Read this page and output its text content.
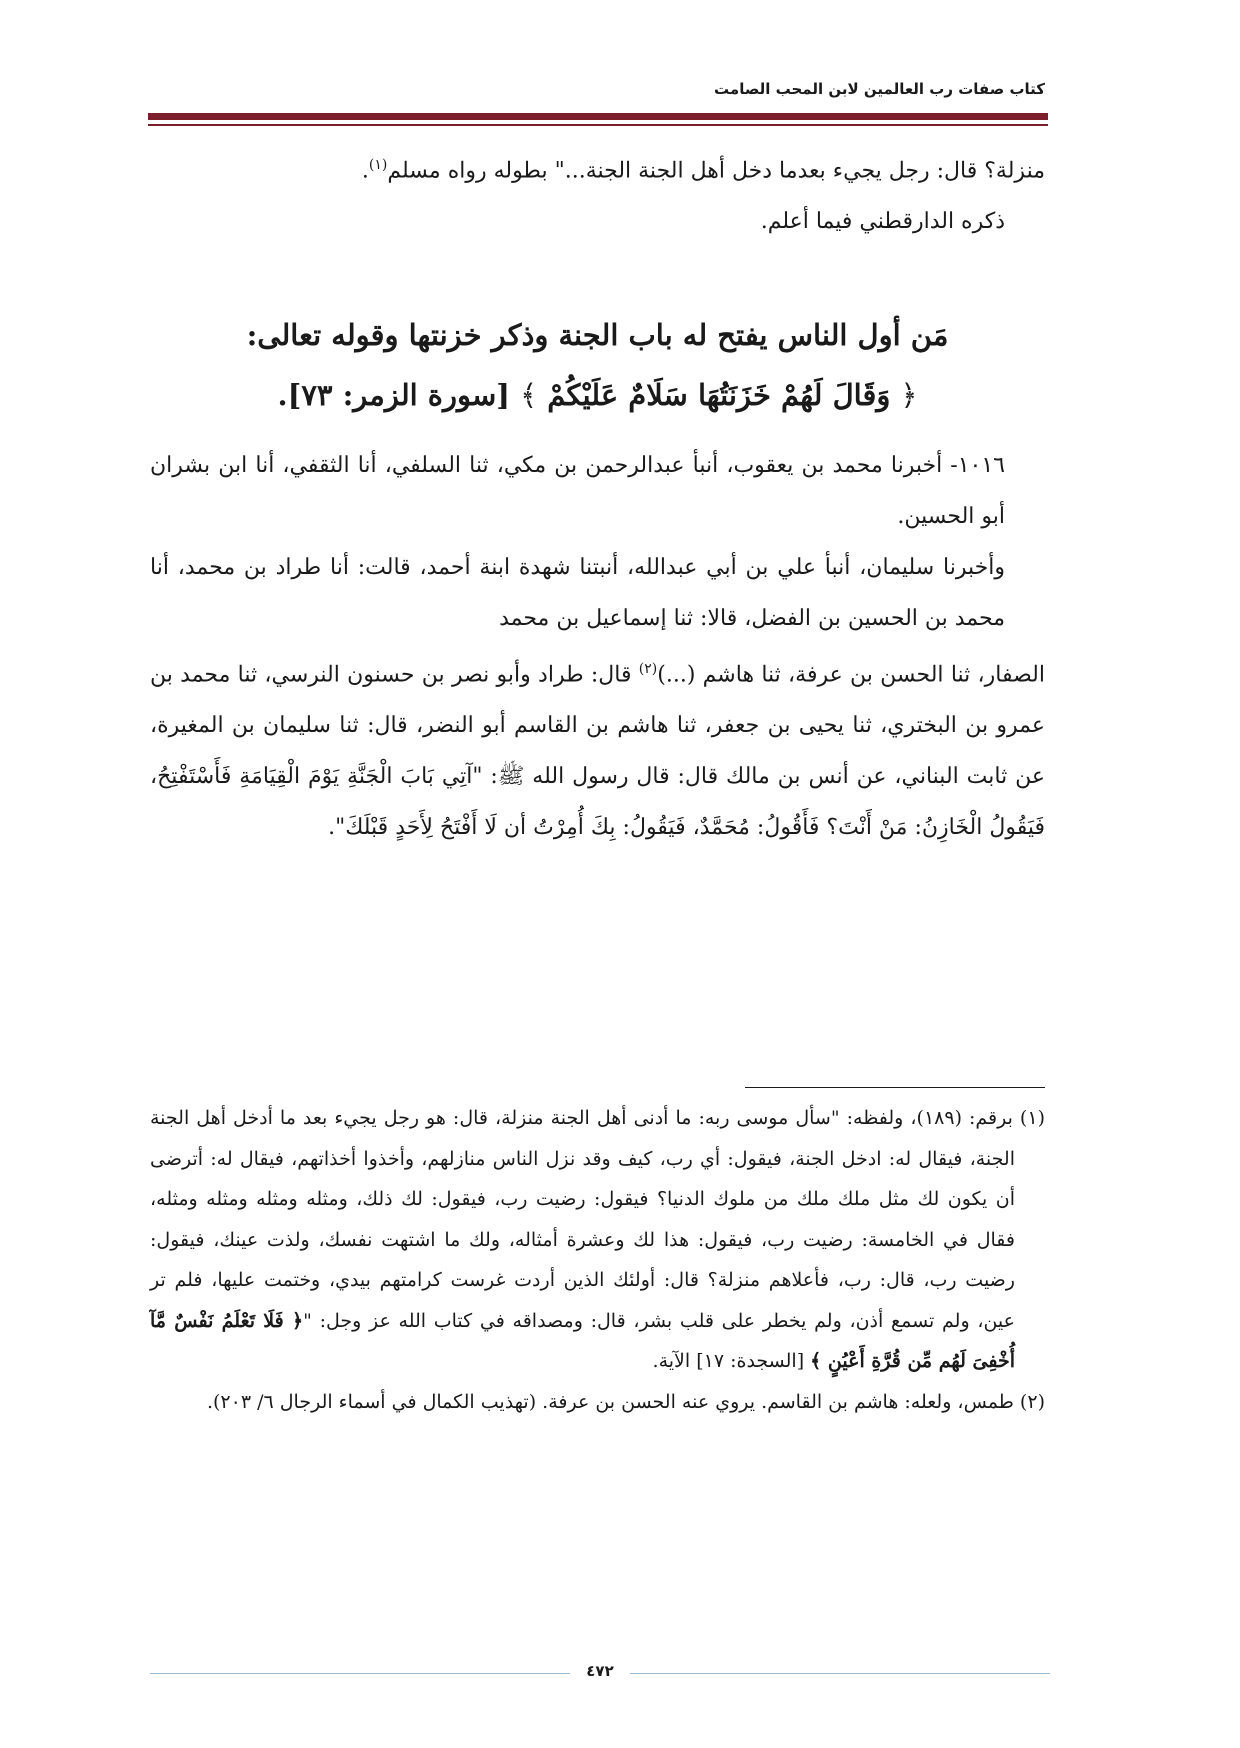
كتاب صفات رب العالمين لابن المحب الصامت

منزلة؟ قال: رجل يجيء بعدما دخل أهل الجنة الجنة..." بطوله رواه مسلم$^{(١)}$.

ذكره الدارقطني فيما أعلم.

مَن أول الناس يفتح له باب الجنة وذكر خزنتها وقوله تعالى:
﴿ وَقَالَ لَهُمْ خَزَنَتُهَا سَلَامٌ عَلَيْكُمْ ﴾ [سورة الزمر: ٧٣].

١٠١٦- أخبرنا محمد بن يعقوب، أنبأ عبدالرحمن بن مكي، ثنا السلفي، أنا الثقفي، أنا ابن بشران أبو الحسين.

وأخبرنا سليمان، أنبأ علي بن أبي عبدالله، أنبتنا شهدة ابنة أحمد، قالت: أنا طراد بن محمد، أنا محمد بن الحسين بن الفضل، قالا: ثنا إسماعيل بن محمد

الصفار، ثنا الحسن بن عرفة، ثنا هاشم (...)$^{(٢)}$ قال: طراد وأبو نصر بن حسنون النرسي، ثنا محمد بن عمرو بن البختري، ثنا يحيى بن جعفر، ثنا هاشم بن القاسم أبو النضر، قال: ثنا سليمان بن المغيرة، عن ثابت البناني، عن أنس بن مالك قال: قال رسول الله ﷺ: "آتِي بَابَ الْجَنَّةِ يَوْمَ الْقِيَامَةِ فَأَسْتَفْتِحُ، فَيَقُولُ الْخَازِنُ: مَنْ أَنْتَ؟ فَأَقُولُ: مُحَمَّدٌ، فَيَقُولُ: بِكَ أُمِرْتُ أن لَا أَفْتَحُ لِأَحَدٍ قَبْلَكَ".

(١) برقم: (١٨٩)، ولفظه: "سأل موسى ربه: ما أدنى أهل الجنة منزلة، قال: هو رجل يجيء بعد ما أدخل أهل الجنة الجنة، فيقال له: ادخل الجنة، فيقول: أي رب، كيف وقد نزل الناس منازلهم، وأخذوا أخذاتهم، فيقال له: أترضى أن يكون لك مثل ملك ملك من ملوك الدنيا؟ فيقول: رضيت رب، فيقول: لك ذلك، ومثله ومثله ومثله ومثله، فقال في الخامسة: رضيت رب، فيقول: هذا لك وعشرة أمثاله، ولك ما اشتهت نفسك، ولذت عينك، فيقول: رضيت رب، قال: رب، فأعلاهم منزلة؟ قال: أولئك الذين أردت غرست كرامتهم بيدي، وختمت عليها، فلم تر عين، ولم تسمع أذن، ولم يخطر على قلب بشر، قال: ومصداقه في كتاب الله عز وجل: "﴿ فَلَا تَعْلَمُ نَفْسٌ مَّآ أُخْفِىَ لَهُم مِّن قُرَّةِ أَعْيُنٍ ﴾ [السجدة: ١٧] الآية.

(٢) طمس، ولعله: هاشم بن القاسم. يروي عنه الحسن بن عرفة. (تهذيب الكمال في أسماء الرجال ٦/ ٢٠٣).

٤٧٢
